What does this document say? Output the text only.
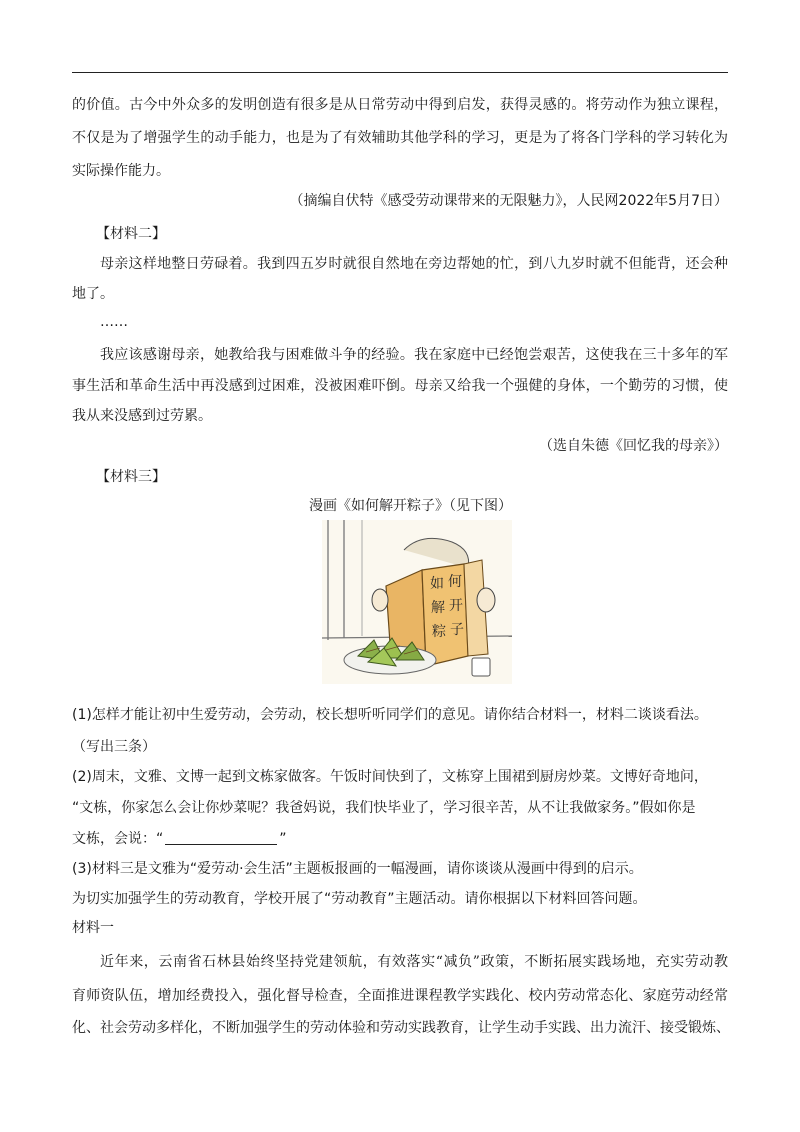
的价值。古今中外众多的发明创造有很多是从日常劳动中得到启发，获得灵感的。将劳动作为独立课程，
不仅是为了增强学生的动手能力，也是为了有效辅助其他学科的学习，更是为了将各门学科的学习转化为
实际操作能力。
（摘编自伏特《感受劳动课带来的无限魅力》，人民网2022年5月7日）
【材料二】
母亲这样地整日劳碌着。我到四五岁时就很自然地在旁边帮她的忙，到八九岁时就不但能背，还会种
地了。
……
我应该感谢母亲，她教给我与困难做斗争的经验。我在家庭中已经饱尝艰苦，这使我在三十多年的军
事生活和革命生活中再没感到过困难，没被困难吓倒。母亲又给我一个强健的身体，一个勤劳的习惯，使
我从来没感到过劳累。
（选自朱德《回忆我的母亲》）
【材料三】
漫画《如何解开粽子》（见下图）
如 何
解 开
粽 子
(1)怎样才能让初中生爱劳动，会劳动，校长想听听同学们的意见。请你结合材料一，材料二谈谈看法。
（写出三条）
(2)周末，文雅、文博一起到文栋家做客。午饭时间快到了，文栋穿上围裙到厨房炒菜。文博好奇地问，
“文栋，你家怎么会让你炒菜呢？我爸妈说，我们快毕业了，学习很辛苦，从不让我做家务。”假如你是
文栋，会说：“	”
(3)材料三是文雅为“爱劳动·会生活”主题板报画的一幅漫画，请你谈谈从漫画中得到的启示。
为切实加强学生的劳动教育，学校开展了“劳动教育”主题活动。请你根据以下材料回答问题。
材料一
近年来，云南省石林县始终坚持党建领航，有效落实“减负”政策，不断拓展实践场地，充实劳动教
育师资队伍，增加经费投入，强化督导检查，全面推进课程教学实践化、校内劳动常态化、家庭劳动经常
化、社会劳动多样化，不断加强学生的劳动体验和劳动实践教育，让学生动手实践、出力流汗、接受锻炼、
